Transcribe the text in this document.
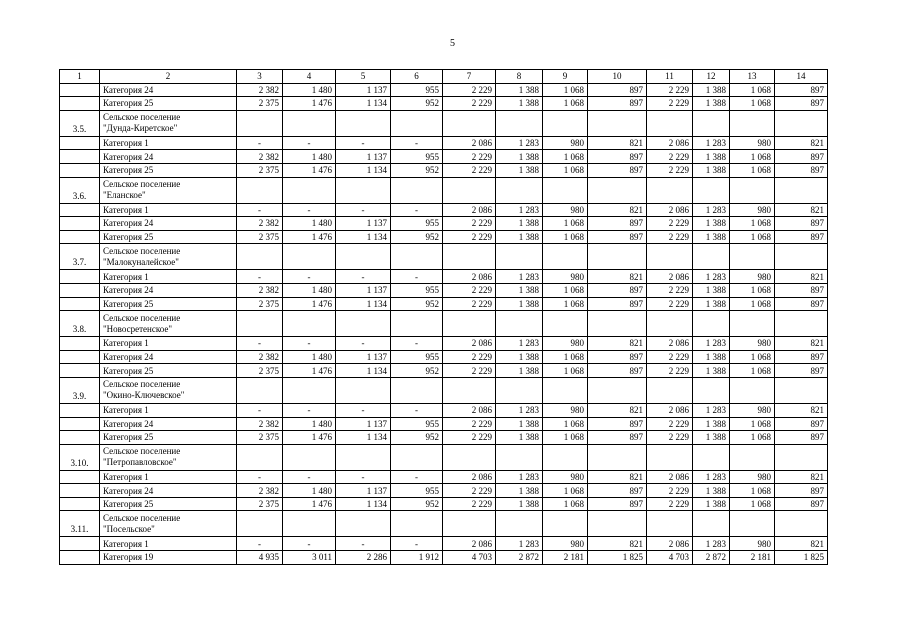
5
1	2	3	4	5	6	7	8	9	10	11	12	13	14
	Категория 24	2 382	1 480	1 137	955	2 229	1 388	1 068	897	2 229	1 388	1 068	897
	Категория 25	2 375	1 476	1 134	952	2 229	1 388	1 068	897	2 229	1 388	1 068	897
3.5.	Сельское поселение
"Дунда-Киретское"												

	Категория 1	-	-	-	-	2 086	1 283	980	821	2 086	1 283	980	821
	Категория 24	2 382	1 480	1 137	955	2 229	1 388	1 068	897	2 229	1 388	1 068	897
	Категория 25	2 375	1 476	1 134	952	2 229	1 388	1 068	897	2 229	1 388	1 068	897
3.6.	Сельское поселение
"Еланское"												

	Категория 1	-	-	-	-	2 086	1 283	980	821	2 086	1 283	980	821
	Категория 24	2 382	1 480	1 137	955	2 229	1 388	1 068	897	2 229	1 388	1 068	897
	Категория 25	2 375	1 476	1 134	952	2 229	1 388	1 068	897	2 229	1 388	1 068	897
3.7.	Сельское поселение
"Малокуналейское"												

	Категория 1	-	-	-	-	2 086	1 283	980	821	2 086	1 283	980	821
	Категория 24	2 382	1 480	1 137	955	2 229	1 388	1 068	897	2 229	1 388	1 068	897
	Категория 25	2 375	1 476	1 134	952	2 229	1 388	1 068	897	2 229	1 388	1 068	897
3.8.	Сельское поселение
"Новосретенское"												

	Категория 1	-	-	-	-	2 086	1 283	980	821	2 086	1 283	980	821
	Категория 24	2 382	1 480	1 137	955	2 229	1 388	1 068	897	2 229	1 388	1 068	897
	Категория 25	2 375	1 476	1 134	952	2 229	1 388	1 068	897	2 229	1 388	1 068	897
3.9.	Сельское поселение
"Окино-Ключевское"												

	Категория 1	-	-	-	-	2 086	1 283	980	821	2 086	1 283	980	821
	Категория 24	2 382	1 480	1 137	955	2 229	1 388	1 068	897	2 229	1 388	1 068	897
	Категория 25	2 375	1 476	1 134	952	2 229	1 388	1 068	897	2 229	1 388	1 068	897
3.10.	Сельское поселение
"Петропавловское"												

	Категория 1	-	-	-	-	2 086	1 283	980	821	2 086	1 283	980	821
	Категория 24	2 382	1 480	1 137	955	2 229	1 388	1 068	897	2 229	1 388	1 068	897
	Категория 25	2 375	1 476	1 134	952	2 229	1 388	1 068	897	2 229	1 388	1 068	897
3.11.	Сельское поселение
"Посельское"												

	Категория 1	-	-	-	-	2 086	1 283	980	821	2 086	1 283	980	821
	Категория 19	4 935	3 011	2 286	1 912	4 703	2 872	2 181	1 825	4 703	2 872	2 181	1 825
